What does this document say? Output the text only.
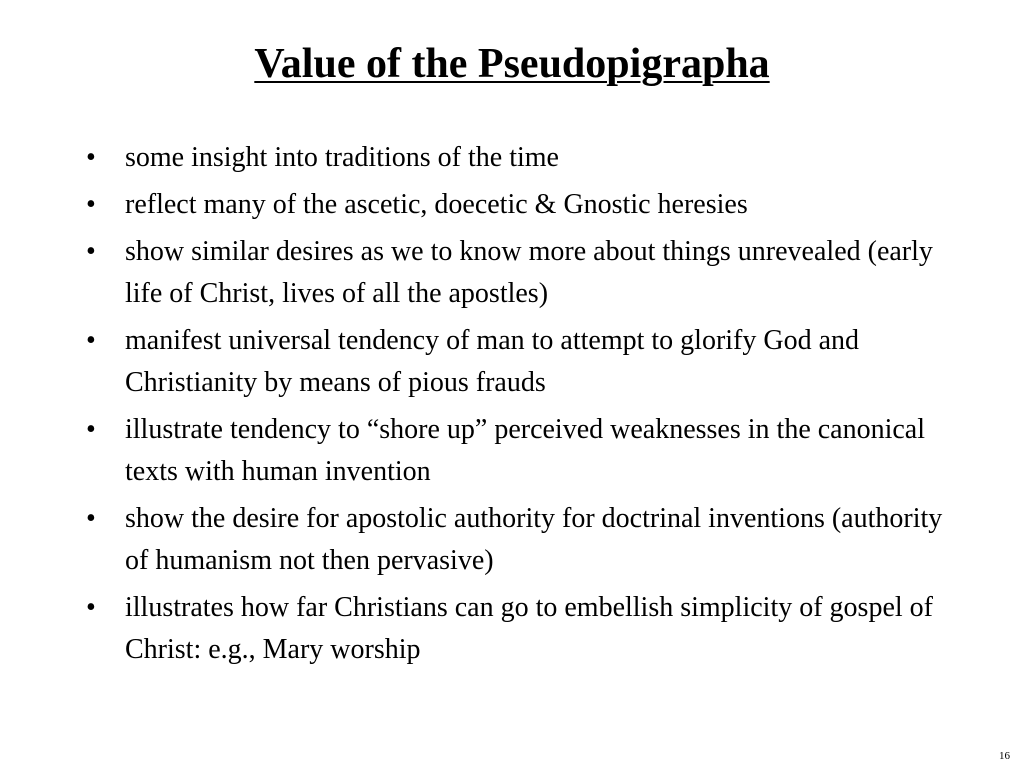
Value of the Pseudopigrapha
• some insight into traditions of the time
• reflect many of the ascetic, doecetic & Gnostic heresies
• show similar desires as we to know more about things unrevealed (early life of Christ, lives of all the apostles)
• manifest universal tendency of man to attempt to glorify God and Christianity by means of pious frauds
• illustrate tendency to “shore up” perceived weaknesses in the canonical texts with human invention
• show the desire for apostolic authority for doctrinal inventions (authority of humanism not then pervasive)
• illustrates how far Christians can go to embellish simplicity of gospel of Christ: e.g., Mary worship
16
